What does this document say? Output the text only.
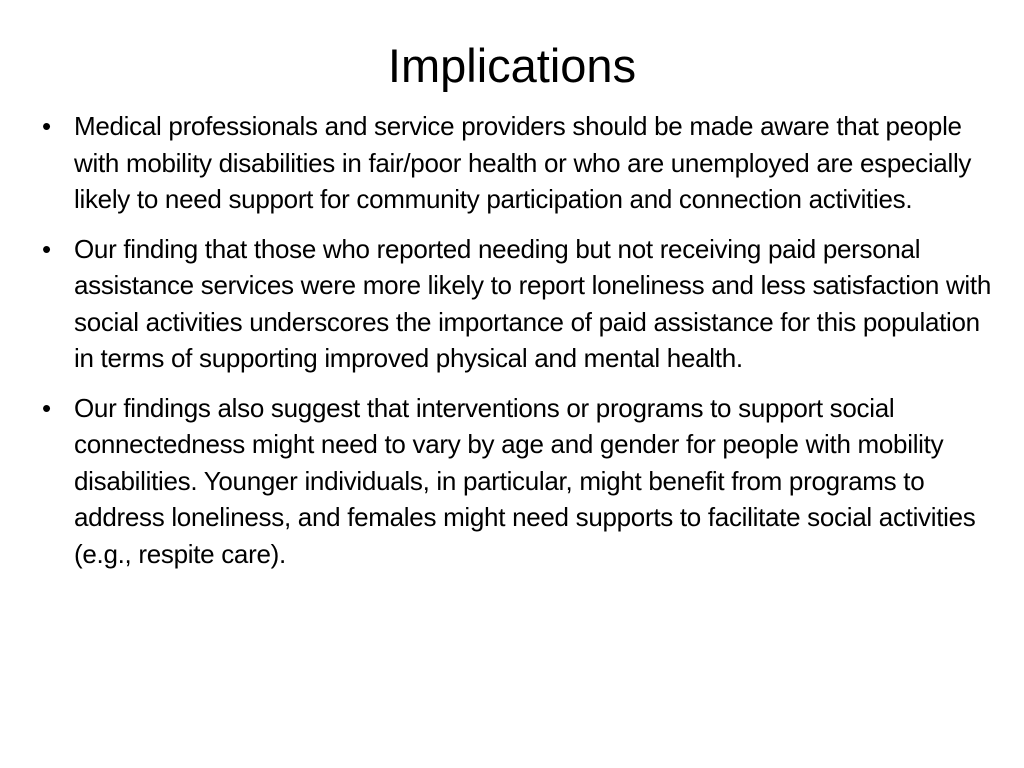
Implications
• Medical professionals and service providers should be made aware that people with mobility disabilities in fair/poor health or who are unemployed are especially likely to need support for community participation and connection activities.
• Our finding that those who reported needing but not receiving paid personal assistance services were more likely to report loneliness and less satisfaction with social activities underscores the importance of paid assistance for this population in terms of supporting improved physical and mental health.
• Our findings also suggest that interventions or programs to support social connectedness might need to vary by age and gender for people with mobility disabilities. Younger individuals, in particular, might benefit from programs to address loneliness, and females might need supports to facilitate social activities (e.g., respite care).
